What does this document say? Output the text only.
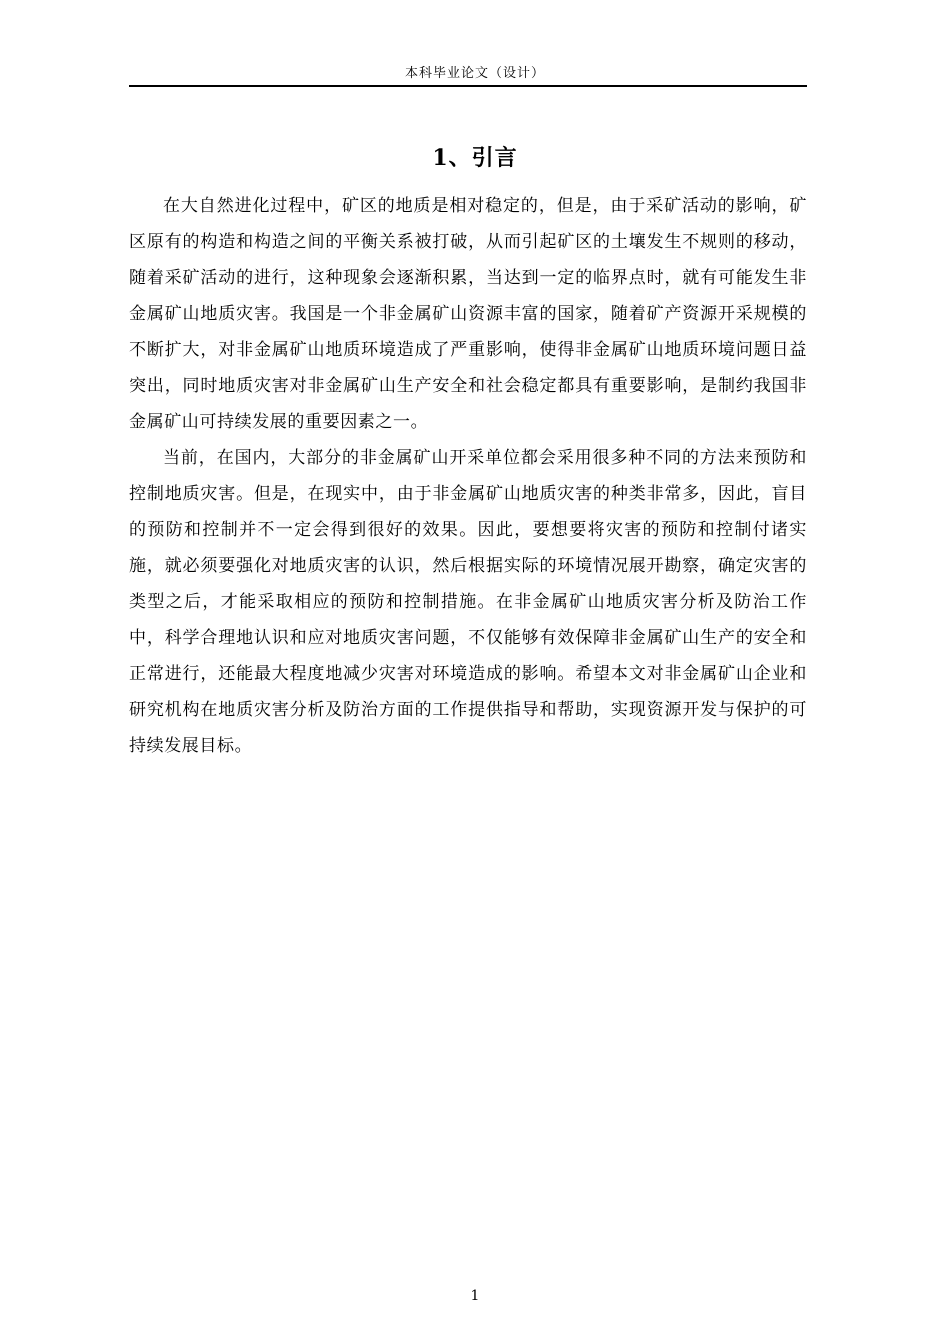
本科毕业论文（设计）
1、引言

在大自然进化过程中，矿区的地质是相对稳定的，但是，由于采矿活动的影响，矿区原有的构造和构造之间的平衡关系被打破，从而引起矿区的土壤发生不规则的移动，随着采矿活动的进行，这种现象会逐渐积累，当达到一定的临界点时，就有可能发生非金属矿山地质灾害。我国是一个非金属矿山资源丰富的国家，随着矿产资源开采规模的不断扩大，对非金属矿山地质环境造成了严重影响，使得非金属矿山地质环境问题日益突出，同时地质灾害对非金属矿山生产安全和社会稳定都具有重要影响，是制约我国非金属矿山可持续发展的重要因素之一。

当前，在国内，大部分的非金属矿山开采单位都会采用很多种不同的方法来预防和控制地质灾害。但是，在现实中，由于非金属矿山地质灾害的种类非常多，因此，盲目的预防和控制并不一定会得到很好的效果。因此，要想要将灾害的预防和控制付诸实施，就必须要强化对地质灾害的认识，然后根据实际的环境情况展开勘察，确定灾害的类型之后，才能采取相应的预防和控制措施。在非金属矿山地质灾害分析及防治工作中，科学合理地认识和应对地质灾害问题，不仅能够有效保障非金属矿山生产的安全和正常进行，还能最大程度地减少灾害对环境造成的影响。希望本文对非金属矿山企业和研究机构在地质灾害分析及防治方面的工作提供指导和帮助，实现资源开发与保护的可持续发展目标。

1
